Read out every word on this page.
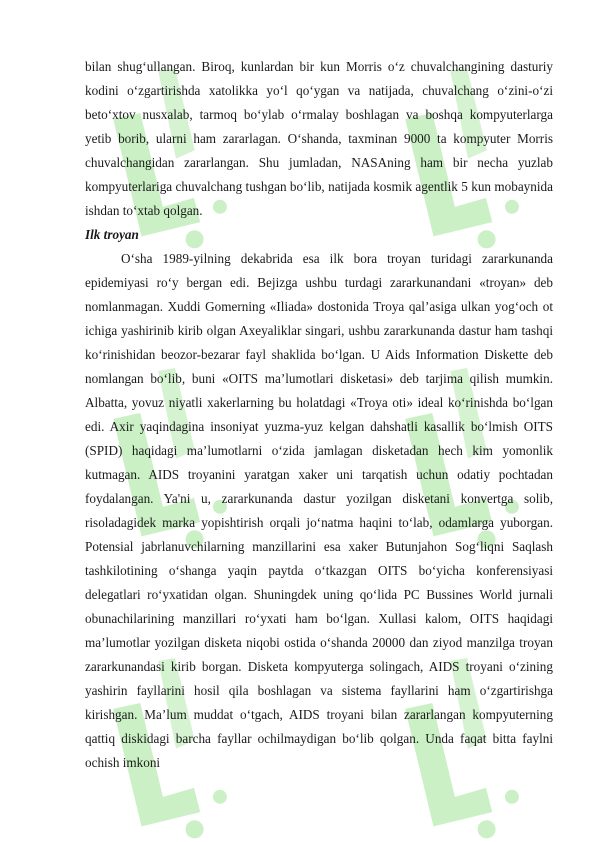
bilan shug‘ullangan. Biroq, kunlardan bir kun Morris o‘z chuvalchangining dasturiy kodini o‘zgartirishda xatolikka yo‘l qo‘ygan va natijada, chuvalchang o‘zini-o‘zi beto‘xtov nusxalab, tarmoq bo‘ylab o‘rmalay boshlagan va boshqa kompyuterlarga yetib borib, ularni ham zararlagan. O‘shanda, taxminan 9000 ta kompyuter Morris chuvalchangidan zararlangan. Shu jumladan, NASAning ham bir necha yuzlab kompyuterlariga chuvalchang tushgan bo‘lib, natijada kosmik agentlik 5 kun mobaynida ishdan to‘xtab qolgan.

Ilk troyan

O‘sha 1989-yilning dekabrida esa ilk bora troyan turidagi zararkunanda epidemiyasi ro‘y bergan edi. Bejizga ushbu turdagi zararkunandani «troyan» deb nomlanmagan. Xuddi Gomerning «Iliada» dostonida Troya qal’asiga ulkan yog‘och ot ichiga yashirinib kirib olgan Axeyaliklar singari, ushbu zararkunanda dastur ham tashqi ko‘rinishidan beozor-bezarar fayl shaklida bo‘lgan. U Aids Information Diskette deb nomlangan bo‘lib, buni «OITS ma’lumotlari disketasi» deb tarjima qilish mumkin. Albatta, yovuz niyatli xakerlarning bu holatdagi «Troya oti» ideal ko‘rinishda bo‘lgan edi. Axir yaqindagina insoniyat yuzma-yuz kelgan dahshatli kasallik bo‘lmish OITS (SPID) haqidagi ma’lumotlarni o‘zida jamlagan disketadan hech kim yomonlik kutmagan. AIDS troyanini yaratgan xaker uni tarqatish uchun odatiy pochtadan foydalangan. Ya'ni u, zararkunanda dastur yozilgan disketani konvertga solib, risoladagidek marka yopishtirish orqali jo‘natma haqini to‘lab, odamlarga yuborgan. Potensial jabrlanuvchilarning manzillarini esa xaker Butunjahon Sog‘liqni Saqlash tashkilotining o‘shanga yaqin paytda o‘tkazgan OITS bo‘yicha konferensiyasi delegatlari ro‘yxatidan olgan. Shuningdek uning qo‘lida PC Bussines World jurnali obunachilarining manzillari ro‘yxati ham bo‘lgan. Xullasi kalom, OITS haqidagi ma’lumotlar yozilgan disketa niqobi ostida o‘shanda 20000 dan ziyod manzilga troyan zararkunandasi kirib borgan. Disketa kompyuterga solingach, AIDS troyani o‘zining yashirin fayllarini hosil qila boshlagan va sistema fayllarini ham o‘zgartirishga kirishgan. Ma’lum muddat o‘tgach, AIDS troyani bilan zararlangan kompyuterning qattiq diskidagi barcha fayllar ochilmaydigan bo‘lib qolgan. Unda faqat bitta faylni ochish imkoni
